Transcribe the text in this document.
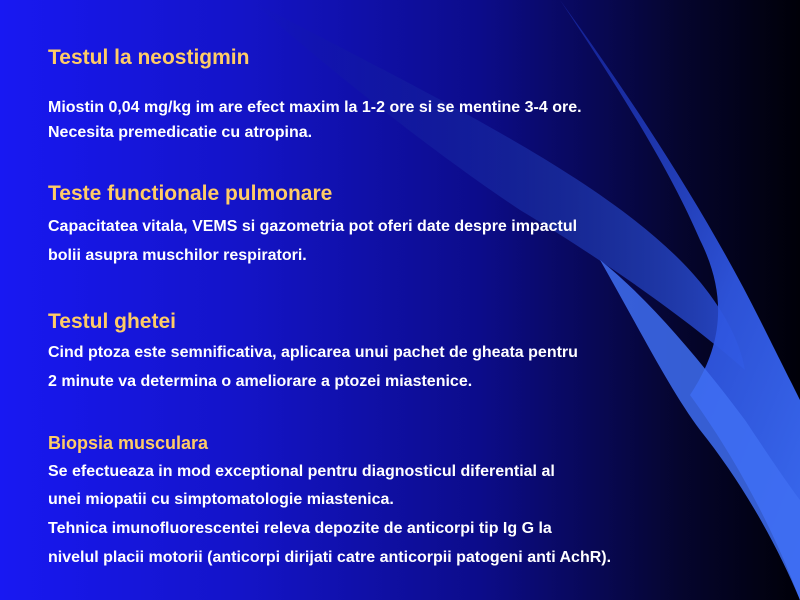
Testul la neostigmin
Miostin 0,04 mg/kg im are efect maxim la 1-2 ore si se mentine 3-4 ore.
Necesita premedicatie cu atropina.
Teste functionale pulmonare
Capacitatea vitala, VEMS si gazometria pot oferi date despre impactul
bolii asupra muschilor respiratori.
Testul ghetei
Cind ptoza este semnificativa, aplicarea unui pachet de gheata pentru
2 minute va determina o ameliorare a ptozei miastenice.
Biopsia musculara
Se efectueaza in mod exceptional pentru diagnosticul diferential al
unei miopatii cu simptomatologie miastenica.
Tehnica imunofluorescentei releva depozite de anticorpi tip Ig G la
nivelul placii motorii (anticorpi dirijati catre anticorpii patogeni anti AchR).
